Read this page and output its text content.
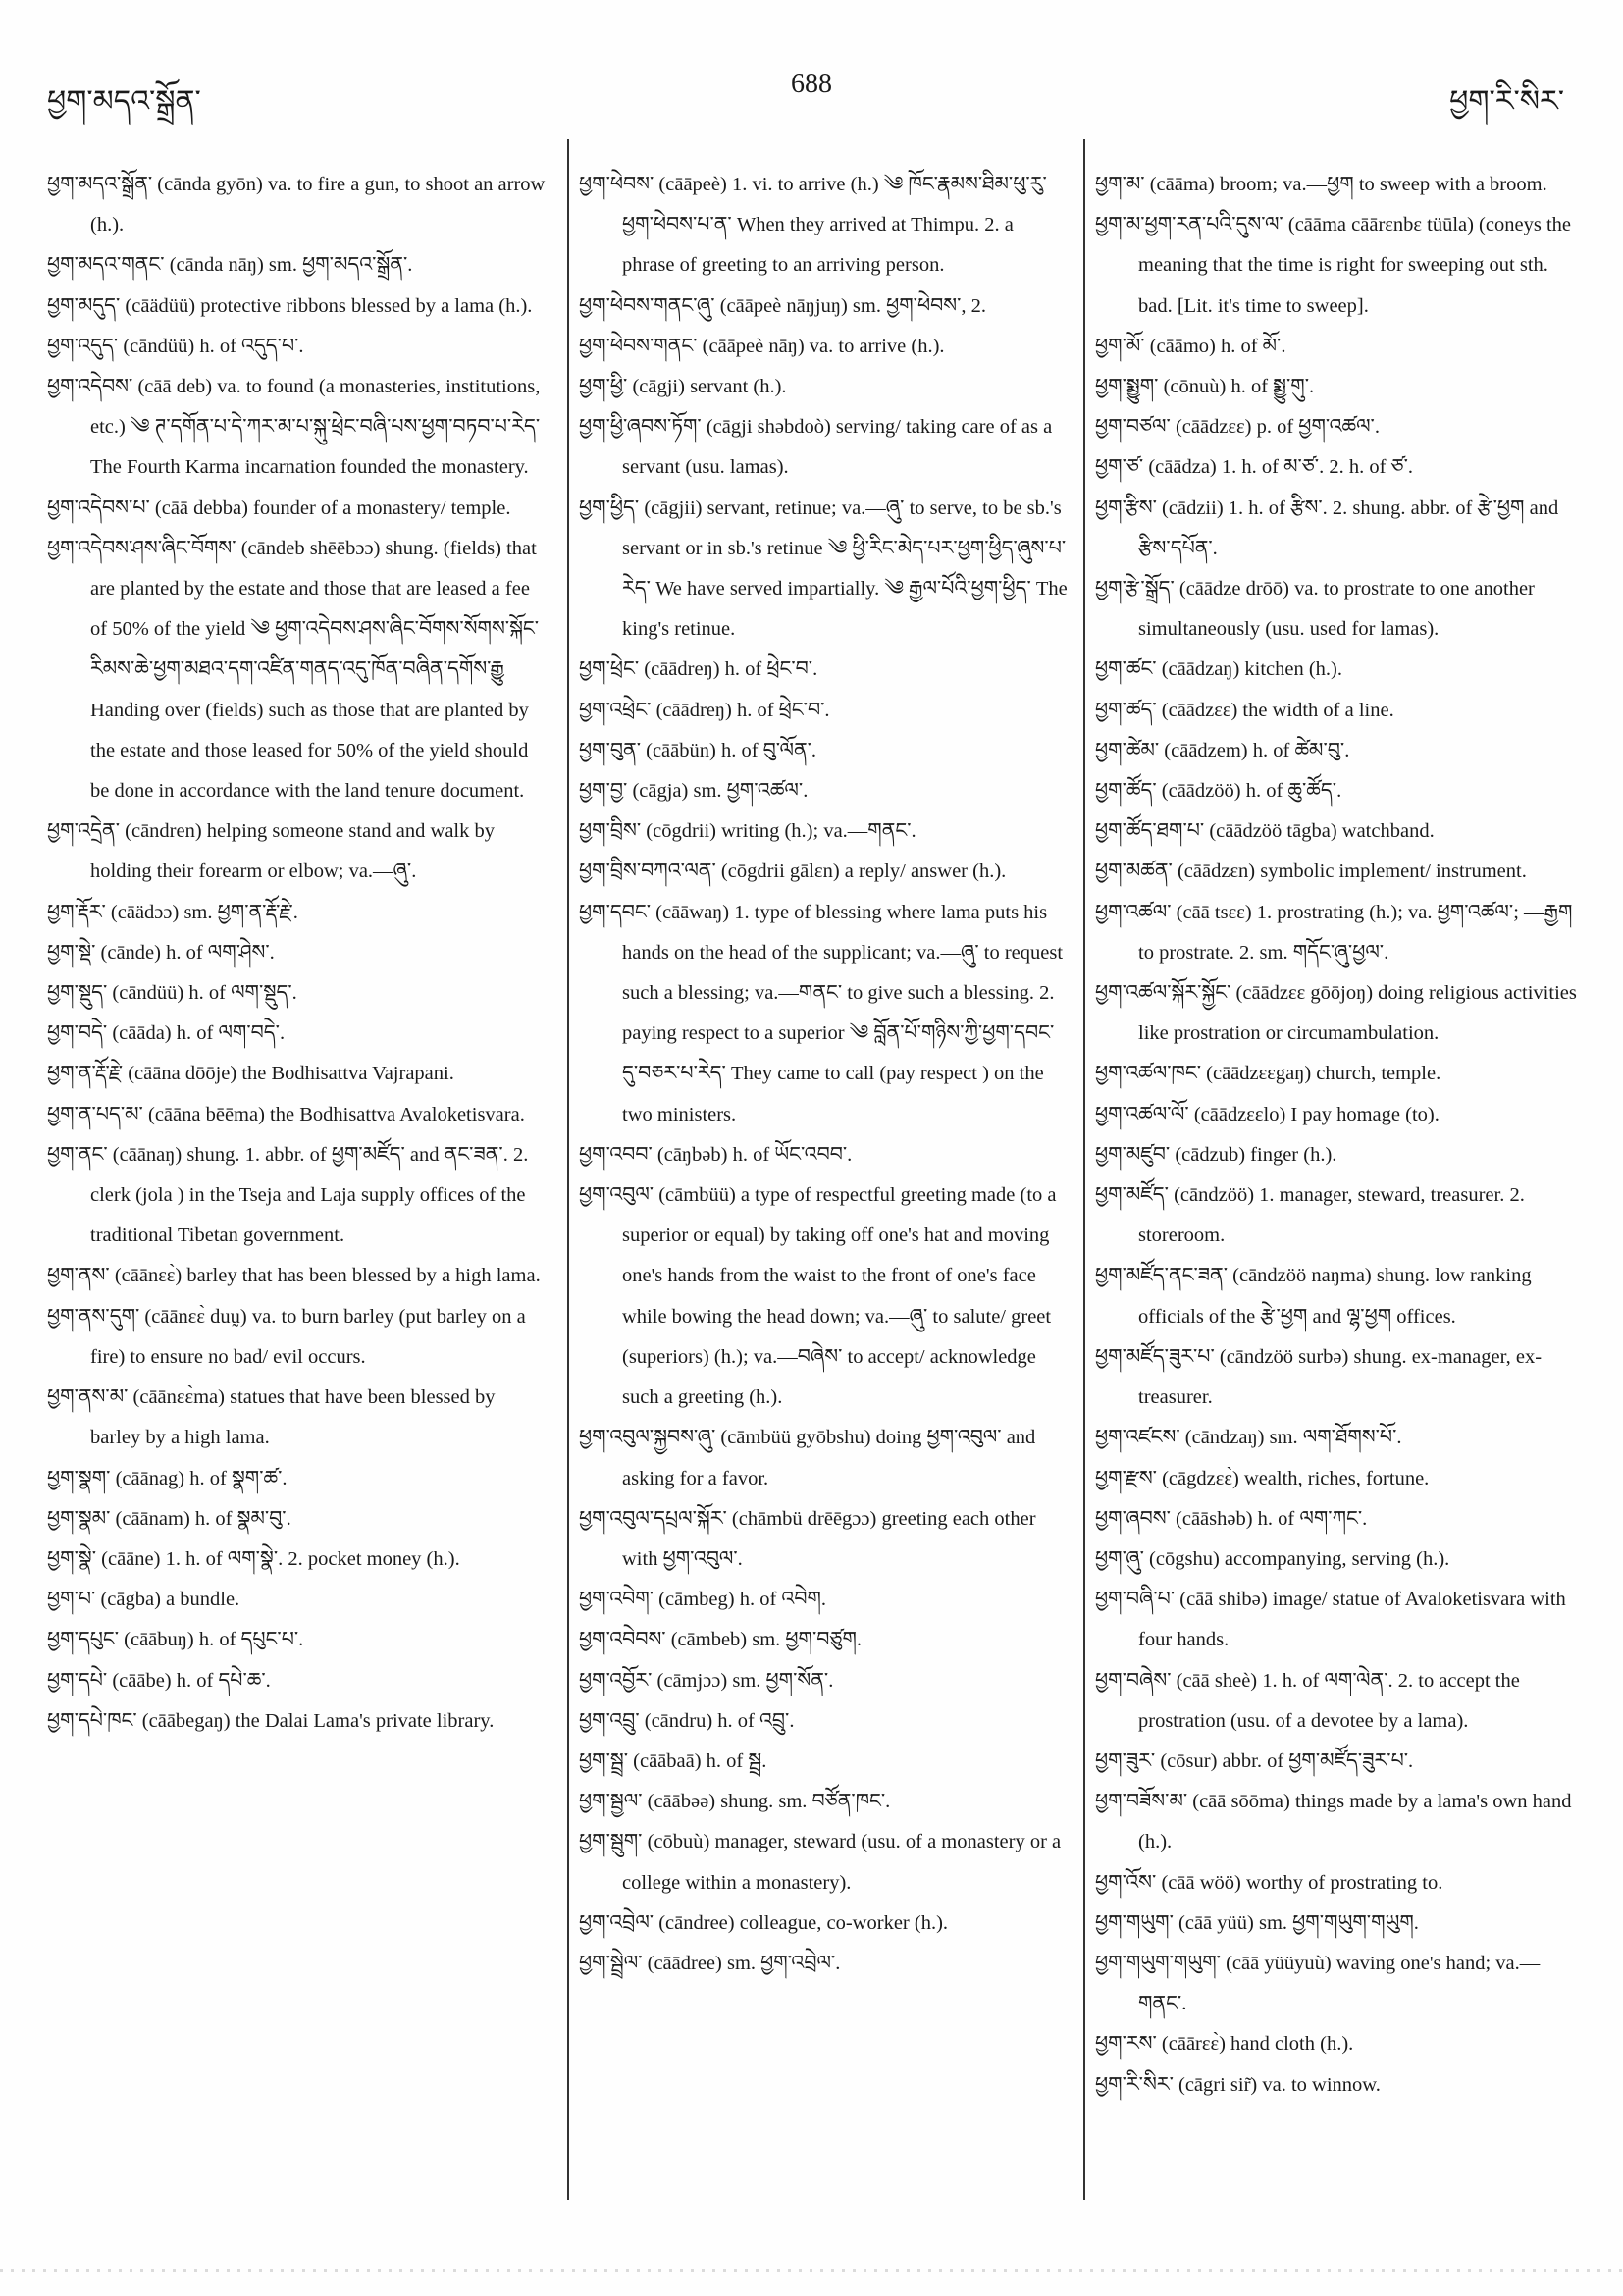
ཕྱག་མདའ་སྒྲོན་
688
ཕྱག་རི་སིར་

ཕྱག་མདའ་སྒྲོན་ (cānda gyōn) va. to fire a gun, to shoot an arrow (h.).

ཕྱག་མདའ་གནང་ (cānda nāŋ) sm. ཕྱག་མདའ་སྒྲོན་.

ཕྱག་མདུད་ (cāädüü) protective ribbons blessed by a lama (h.).

ཕྱག་འདུད་ (cāndüü) h. of འདུད་པ་.

ཕྱག་འདེབས་ (cāā deb) va. to found (a monasteries, institutions, etc.) ༄ ཊ་དགོན་པ་དེ་ཀར་མ་པ་སྐུ་ཕྲེང་བཞི་པས་ཕྱག་བཏབ་པ་རེད་ The Fourth Karma incarnation founded the monastery.

ཕྱག་འདེབས་པ་ (cāā debba) founder of a monastery/ temple.

ཕྱག་འདེབས་ཤས་ཞིང་བོགས་ (cāndeb shēēbɔɔ) shung. (fields) that are planted by the estate and those that are leased a fee of 50% of the yield ༄ ཕྱག་འདེབས་ཤས་ཞིང་བོགས་སོགས་སྐོང་རིམས་ཆེ་ཕྱག་མཐའ་དག་འཛིན་གནད་འདུ་ཁོན་བཞིན་དགོས་རྒྱུ Handing over (fields) such as those that are planted by the estate and those leased for 50% of the yield should be done in accordance with the land tenure document.

ཕྱག་འདྲེན་ (cāndren) helping someone stand and walk by holding their forearm or elbow; va.—ཞུ་.

ཕྱག་རྡོར་ (cāädɔɔ) sm. ཕྱག་ན་རྡོ་རྗེ་.

ཕྱག་སྡེ་ (cānde) h. of ལག་ཤེས་.

ཕྱག་སྡུད་ (cāndüü) h. of ལག་སྡུད་.

ཕྱག་བདེ་ (cāāda) h. of ལག་བདེ་.

ཕྱག་ན་རྡོ་རྗེ་ (cāāna dōōje) the Bodhisattva Vajrapani.

ཕྱག་ན་པད་མ་ (cāāna bēēma) the Bodhisattva Avaloketisvara.

ཕྱག་ནང་ (cāānaŋ) shung. 1. abbr. of ཕྱག་མཛོད་ and ནང་ཟན་. 2. clerk (jola ) in the Tseja and Laja supply offices of the traditional Tibetan government.

ཕྱག་ནས་ (cāānɛɛ̀) barley that has been blessed by a high lama.

ཕྱག་ནས་དུག་ (cāānɛɛ̀ duṵ) va. to burn barley (put barley on a fire) to ensure no bad/ evil occurs.

ཕྱག་ནས་མ་ (cāānɛɛ̀ma) statues that have been blessed by barley by a high lama.

ཕྱག་སྣག་ (cāānag) h. of སྣག་ཚ་.

ཕྱག་སྣམ་ (cāānam) h. of སྣམ་བུ་.

ཕྱག་སྣེ་ (cāāne) 1. h. of ལག་སྣེ་. 2. pocket money (h.).

ཕྱག་པ་ (cāgba) a bundle.

ཕྱག་དཔུང་ (cāābuŋ) h. of དཔུང་པ་.

ཕྱག་དཔེ་ (cāābe) h. of དཔེ་ཆ་.

ཕྱག་དཔེ་ཁང་ (cāābegaŋ) the Dalai Lama's private library.

ཕྱག་ཕེབས་ (cāāpeè) 1. vi. to arrive (h.) ༄ ཁོང་རྣམས་ཐིམ་ཕུ་རུ་ཕྱག་ཕེབས་པ་ན་ When they arrived at Thimpu. 2. a phrase of greeting to an arriving person.

ཕྱག་ཕེབས་གནང་ཞུ་ (cāāpeè nāŋjuŋ) sm. ཕྱག་ཕེབས་, 2.

ཕྱག་ཕེབས་གནང་ (cāāpeè nāŋ) va. to arrive (h.).

ཕྱག་ཕྱི་ (cāgji) servant (h.).

ཕྱག་ཕྱི་ཞབས་ཏོག་ (cāgji shəbdoò) serving/ taking care of as a servant (usu. lamas).

ཕྱག་ཕྱིད་ (cāgjii) servant, retinue; va.—ཞུ་ to serve, to be sb.'s servant or in sb.'s retinue ༄ ཕྱི་རིང་མེད་པར་ཕྱག་ཕྱིད་ཞུས་པ་རེད་ We have served impartially. ༄ རྒྱལ་པོའི་ཕྱག་ཕྱིད་ The king's retinue.

ཕྱག་ཕྲེང་ (cāādreŋ) h. of ཕྲེང་བ་.

ཕྱག་འཕྲེང་ (cāādreŋ) h. of ཕྲེང་བ་.

ཕྱག་བུན་ (cāābün) h. of བུ་ལོན་.

ཕྱག་བྱ་ (cāgja) sm. ཕྱག་འཚལ་.

ཕྱག་བྲིས་ (cōgdrii) writing (h.); va.—གནང་.

ཕྱག་བྲིས་བཀའ་ལན་ (cōgdrii gālɛn) a reply/ answer (h.).

ཕྱག་དབང་ (cāāwaŋ) 1. type of blessing where lama puts his hands on the head of the supplicant; va.—ཞུ་ to request such a blessing; va.—གནང་ to give such a blessing. 2. paying respect to a superior ༄ བློན་པོ་གཉིས་ཀྱི་ཕྱག་དབང་དུ་བཅར་པ་རེད་ They came to call (pay respect ) on the two ministers.

ཕྱག་འབབ་ (cāŋbəb) h. of ཡོང་འབབ་.

ཕྱག་འབུལ་ (cāmbüü) a type of respectful greeting made (to a superior or equal) by taking off one's hat and moving one's hands from the waist to the front of one's face while bowing the head down; va.—ཞུ་ to salute/ greet (superiors) (h.); va.—བཞེས་ to accept/ acknowledge such a greeting (h.).

ཕྱག་འབུལ་སྐྱབས་ཞུ་ (cāmbüü gyōbshu) doing ཕྱག་འབུལ་ and asking for a favor.

ཕྱག་འབུལ་དཔྲལ་སྐོར་ (chāmbü drēēgɔɔ) greeting each other with ཕྱག་འབུལ་.

ཕྱག་འབེག་ (cāmbeg) h. of འབེག.

ཕྱག་འབེབས་ (cāmbeb) sm. ཕྱག་བཙུག.

ཕྱག་འབྱོར་ (cāmjɔɔ) sm. ཕྱག་སོན་.

ཕྱག་འབྲུ་ (cāndru) h. of འབྲུ་.

ཕྱག་སྦྲ་ (cāābaā) h. of སྦྲ.

ཕྱག་སྦྱལ་ (cāābəə) shung. sm. བཙོན་ཁང་.

ཕྱག་སྦུག་ (cōbuù) manager, steward (usu. of a monastery or a college within a monastery).

ཕྱག་འབྲེལ་ (cāndree) colleague, co-worker (h.).

ཕྱག་སྦྲེལ་ (cāādree) sm. ཕྱག་འབྲེལ་.

ཕྱག་མ་ (cāāma) broom; va.—ཕྱག to sweep with a broom.

ཕྱག་མ་ཕྱག་རན་པའི་དུས་ལ་ (cāāma cāārɛnbɛ tüūla) (coneys the meaning that the time is right for sweeping out sth. bad. [Lit. it's time to sweep].

ཕྱག་མོ་ (cāāmo) h. of མོ་.

ཕྱག་སྨྱུག་ (cōnuù) h. of སྨྱུ་གུ་.

ཕྱག་བཙལ་ (cāādzɛɛ) p. of ཕྱག་འཚལ་.

ཕྱག་ཙ་ (cāādza) 1. h. of མ་ཙ་. 2. h. of ཙ་.

ཕྱག་རྩིས་ (cādzii) 1. h. of རྩིས་. 2. shung. abbr. of རྩེ་ཕྱག and རྩིས་དཔོན་.

ཕྱག་རྩེ་སྒྲོད་ (cāādze drōō) va. to prostrate to one another simultaneously (usu. used for lamas).

ཕྱག་ཚང་ (cāādzaŋ) kitchen (h.).

ཕྱག་ཚད་ (cāādzɛɛ) the width of a line.

ཕྱག་ཚེམ་ (cāādzem) h. of ཚེམ་བུ་.

ཕྱག་ཚོད་ (cāādzöö) h. of ཆུ་ཚོད་.

ཕྱག་ཚོད་ཐག་པ་ (cāādzöö tāgba) watchband.

ཕྱག་མཚན་ (cāādzɛn) symbolic implement/ instrument.

ཕྱག་འཚལ་ (cāā tsɛɛ) 1. prostrating (h.); va. ཕྱག་འཚལ་; —རྒྱག to prostrate. 2. sm. གདོང་ཞུ་ཕྱལ་.

ཕྱག་འཚལ་སྐོར་སྐྱོང་ (cāādzɛɛ gōōjoŋ) doing religious activities like prostration or circumambulation.

ཕྱག་འཚལ་ཁང་ (cāādzɛɛgaŋ) church, temple.

ཕྱག་འཚལ་ལོ་ (cāādzɛɛlo) I pay homage (to).

ཕྱག་མཛུབ་ (cādzub) finger (h.).

ཕྱག་མཛོད་ (cāndzöö) 1. manager, steward, treasurer. 2. storeroom.

ཕྱག་མཛོད་ནང་ཟན་ (cāndzöö naŋma) shung. low ranking officials of the རྩེ་ཕྱག and ལྷ་ཕྱག offices.

ཕྱག་མཛོད་ཟུར་པ་ (cāndzöö surbə) shung. ex-manager, ex-treasurer.

ཕྱག་འཛངས་ (cāndzaŋ) sm. ལག་ཐོགས་པོ་.

ཕྱག་རྫས་ (cāgdzɛɛ̀) wealth, riches, fortune.

ཕྱག་ཞབས་ (cāāshəb) h. of ལག་ཀང་.

ཕྱག་ཞུ་ (cōgshu) accompanying, serving (h.).

ཕྱག་བཞི་པ་ (cāā shibə) image/ statue of Avaloketisvara with four hands.

ཕྱག་བཞེས་ (cāā sheè) 1. h. of ལག་ལེན་. 2. to accept the prostration (usu. of a devotee by a lama).

ཕྱག་ཟུར་ (cōsur) abbr. of ཕྱག་མཛོད་ཟུར་པ་.

ཕྱག་བཟོས་མ་ (cāā sōōma) things made by a lama's own hand (h.).

ཕྱག་འོས་ (cāā wöö) worthy of prostrating to.

ཕྱག་གཡུག་ (cāā yüü) sm. ཕྱག་གཡུག་གཡུག.

ཕྱག་གཡུག་གཡུག་ (cāā yüüyuù) waving one's hand; va.—གནང་.

ཕྱག་རས་ (cāārɛɛ̀) hand cloth (h.).

ཕྱག་རི་སིར་ (cāgri sir̃) va. to winnow.
